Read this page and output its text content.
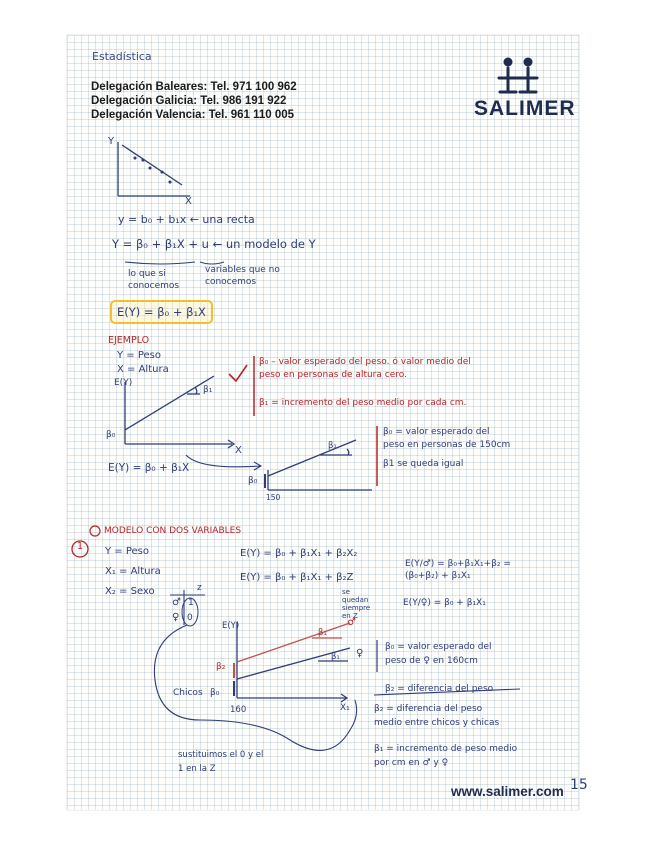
Estadística
Delegación Baleares: Tel. 971 100 962
Delegación Galicia: Tel. 986 191 922
Delegación Valencia: Tel. 961 110 005	SALIMER
Y
X
y = b₀ + b₁x ← una recta
Y = β₀ + β₁X + u ← un modelo de Y
lo que si
conocemos
variables que no
conocemos
E(Y) = β₀ + β₁X
EJEMPLO
Y = Peso
X = Altura
E(Y)
X
β₁
β₀
E(Y) = β₀ + β₁X
β₀ – valor esperado del peso. ó valor medio del
peso en personas de altura cero.
β₁ = incremento del peso medio por cada cm.
β₀
150
β₁
β₀ = valor esperado del
peso en personas de 150cm
β1 se queda igual
MODELO CON DOS VARIABLES
1 Y = Peso
X₁ = Altura
X₂ = Sexo
E(Y) = β₀ + β₁X₁ + β₂X₂
E(Y) = β₀ + β₁X₁ + β₂Z
se
quedan
siempre
en Z
E(Y/♂) = β₀+β₁X₁+β₂ =
(β₀+β₂) + β₁X₁
E(Y/♀) = β₀ + β₁X₁
z
♂ 1
♀ 0
E(Y)
X₁
β₂
Chicos β₀
160
♂
♀
β₁
β₁
β₀ = valor esperado del
peso de ♀ en 160cm
β₂ = diferencia del peso
β₂ = diferencia del peso
medio entre chicos y chicas
β₁ = incremento de peso medio
por cm en ♂ y ♀
sustituimos el 0 y el
1 en la Z
www.salimer.com 15
